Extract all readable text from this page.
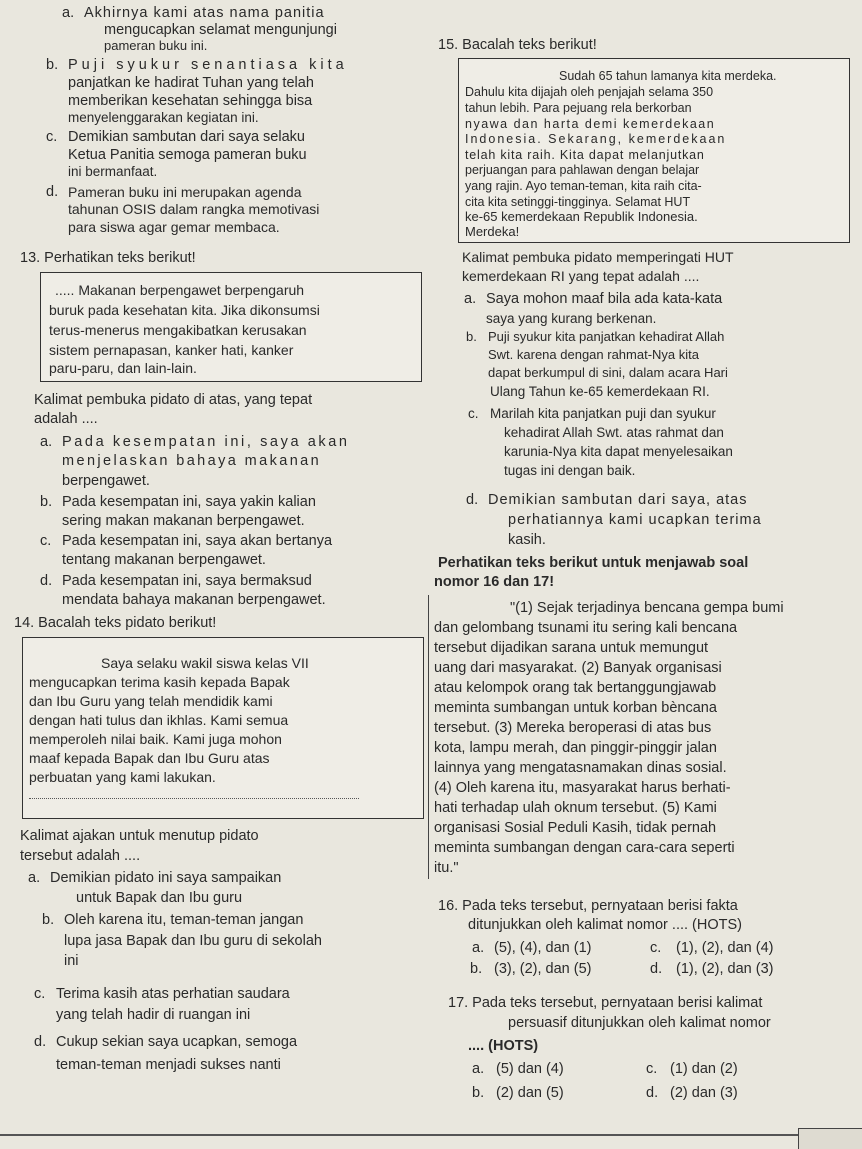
a. Akhirnya kami atas nama panitia
mengucapkan selamat mengunjungi
pameran buku ini.
b. Puji syukur senantiasa kita
panjatkan ke hadirat Tuhan yang telah
memberikan kesehatan sehingga bisa
menyelenggarakan kegiatan ini.
c. Demikian sambutan dari saya selaku
Ketua Panitia semoga pameran buku
ini bermanfaat.
d. Pameran buku ini merupakan agenda
tahunan OSIS dalam rangka memotivasi
para siswa agar gemar membaca.
13. Perhatikan teks berikut!
..... Makanan berpengawet berpengaruh
buruk pada kesehatan kita. Jika dikonsumsi
terus-menerus mengakibatkan kerusakan
sistem pernapasan, kanker hati, kanker
paru-paru, dan lain-lain.
Kalimat pembuka pidato di atas, yang tepat
adalah ....
a. Pada kesempatan ini, saya akan
menjelaskan bahaya makanan
berpengawet.
b. Pada kesempatan ini, saya yakin kalian
sering makan makanan berpengawet.
c. Pada kesempatan ini, saya akan bertanya
tentang makanan berpengawet.
d. Pada kesempatan ini, saya bermaksud
mendata bahaya makanan berpengawet.
14. Bacalah teks pidato berikut!
Saya selaku wakil siswa kelas VII
mengucapkan terima kasih kepada Bapak
dan Ibu Guru yang telah mendidik kami
dengan hati tulus dan ikhlas. Kami semua
memperoleh nilai baik. Kami juga mohon
maaf kepada Bapak dan Ibu Guru atas
perbuatan yang kami lakukan.
Kalimat ajakan untuk menutup pidato
tersebut adalah ....
a. Demikian pidato ini saya sampaikan
untuk Bapak dan Ibu guru
b. Oleh karena itu, teman-teman jangan
lupa jasa Bapak dan Ibu guru di sekolah
ini
c. Terima kasih atas perhatian saudara
yang telah hadir di ruangan ini
d. Cukup sekian saya ucapkan, semoga
teman-teman menjadi sukses nanti
15. Bacalah teks berikut!
Sudah 65 tahun lamanya kita merdeka.
Dahulu kita dijajah oleh penjajah selama 350
tahun lebih. Para pejuang rela berkorban
nyawa dan harta demi kemerdekaan
Indonesia. Sekarang, kemerdekaan
telah kita raih. Kita dapat melanjutkan
perjuangan para pahlawan dengan belajar
yang rajin. Ayo teman-teman, kita raih cita-
cita kita setinggi-tingginya. Selamat HUT
ke-65 kemerdekaan Republik Indonesia.
Merdeka!
Kalimat pembuka pidato memperingati HUT
kemerdekaan RI yang tepat adalah ....
a. Saya mohon maaf bila ada kata-kata
saya yang kurang berkenan.
b. Puji syukur kita panjatkan kehadirat Allah
Swt. karena dengan rahmat-Nya kita
dapat berkumpul di sini, dalam acara Hari
Ulang Tahun ke-65 kemerdekaan RI.
c. Marilah kita panjatkan puji dan syukur
kehadirat Allah Swt. atas rahmat dan
karunia-Nya kita dapat menyelesaikan
tugas ini dengan baik.
d. Demikian sambutan dari saya, atas
perhatiannya kami ucapkan terima
kasih.
Perhatikan teks berikut untuk menjawab soal
nomor 16 dan 17!
"(1) Sejak terjadinya bencana gempa bumi
dan gelombang tsunami itu sering kali bencana
tersebut dijadikan sarana untuk memungut
uang dari masyarakat. (2) Banyak organisasi
atau kelompok orang tak bertanggungjawab
meminta sumbangan untuk korban bèncana
tersebut. (3) Mereka beroperasi di atas bus
kota, lampu merah, dan pinggir-pinggir jalan
lainnya yang mengatasnamakan dinas sosial.
(4) Oleh karena itu, masyarakat harus berhati-
hati terhadap ulah oknum tersebut. (5) Kami
organisasi Sosial Peduli Kasih, tidak pernah
meminta sumbangan dengan cara-cara seperti
itu."
16. Pada teks tersebut, pernyataan berisi fakta
ditunjukkan oleh kalimat nomor .... (HOTS)
a. (5), (4), dan (1)	c. (1), (2), dan (4)
b. (3), (2), dan (5)	d. (1), (2), dan (3)
17. Pada teks tersebut, pernyataan berisi kalimat
persuasif ditunjukkan oleh kalimat nomor
.... (HOTS)
a. (5) dan (4)	c. (1) dan (2)
b. (2) dan (5)	d. (2) dan (3)
